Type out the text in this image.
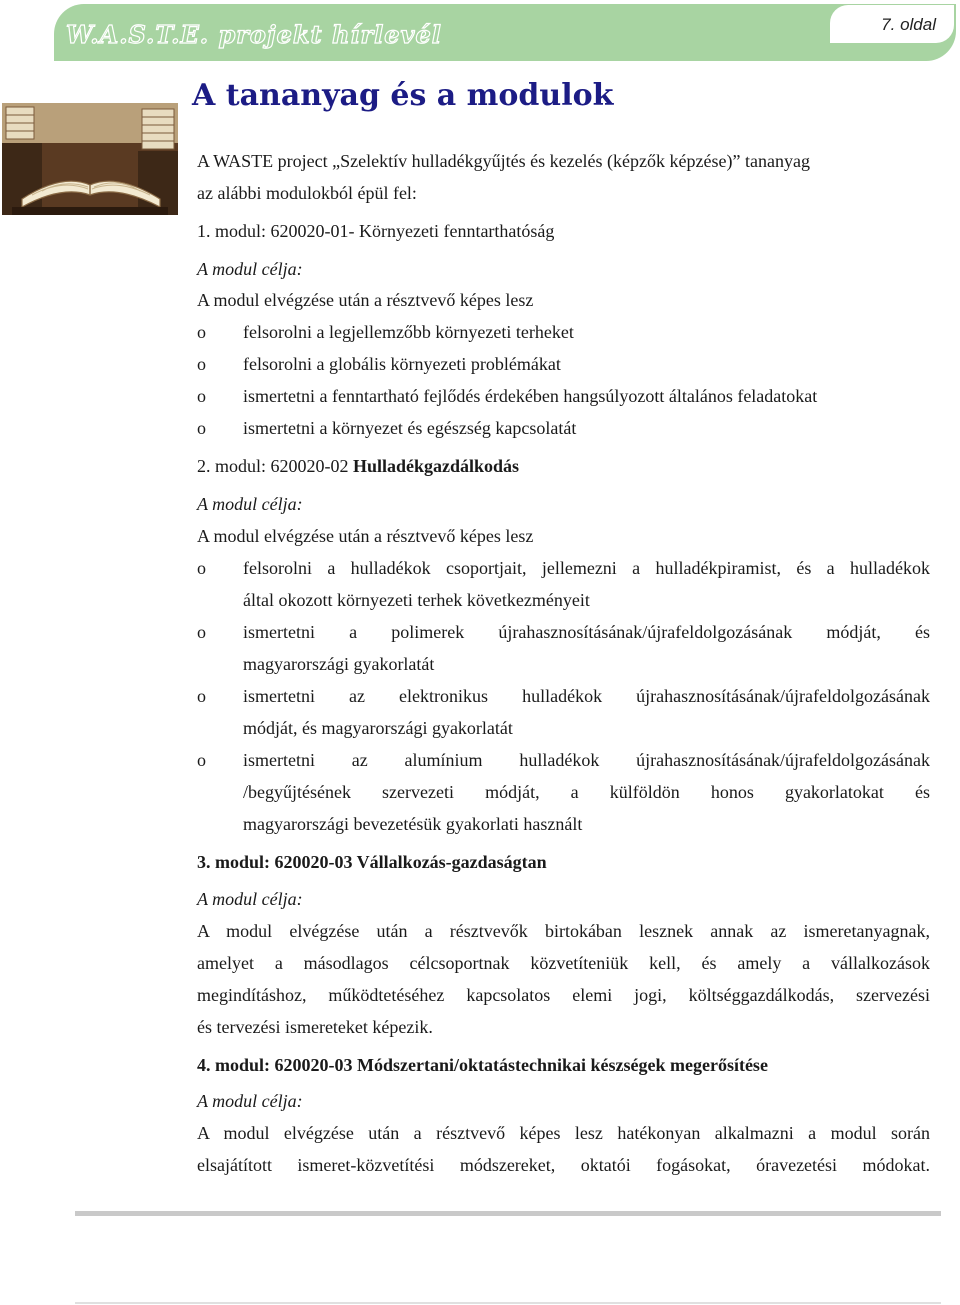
W.A.S.T.E. projekt hírlevél	7. oldal
A tananyag és a modulok
A WASTE project „Szelektív hulladékgyűjtés és kezelés (képzők képzése)” tananyag
az alábbi modulokból épül fel:
1. modul: 620020-01- Környezeti fenntarthatóság
A modul célja:
A modul elvégzése után a résztvevő képes lesz
o felsorolni a legjellemzőbb környezeti terheket
o felsorolni a globális környezeti problémákat
o ismertetni a fenntartható fejlődés érdekében hangsúlyozott általános feladatokat
o ismertetni a környezet és egészség kapcsolatát
2. modul: 620020-02 Hulladékgazdálkodás
A modul célja:
A modul elvégzése után a résztvevő képes lesz
o felsorolni a hulladékok csoportjait, jellemezni a hulladékpiramist, és a hulladékok
által okozott környezeti terhek következményeit
o ismertetni a polimerek újrahasznosításának/újrafeldolgozásának módját, és
magyarországi gyakorlatát
o ismertetni az elektronikus hulladékok újrahasznosításának/újrafeldolgozásának
módját, és magyarországi gyakorlatát
o ismertetni az alumínium hulladékok újrahasznosításának/újrafeldolgozásának
/begyűjtésének szervezeti módját, a külföldön honos gyakorlatokat és
magyarországi bevezetésük gyakorlati használt
3. modul: 620020-03 Vállalkozás-gazdaságtan
A modul célja:
A modul elvégzése után a résztvevők birtokában lesznek annak az ismeretanyagnak,
amelyet a másodlagos célcsoportnak közvetíteniük kell, és amely a vállalkozások
megindításhoz, működtetéséhez kapcsolatos elemi jogi, költséggazdálkodás, szervezési
és tervezési ismereteket képezik.
4. modul: 620020-03 Módszertani/oktatástechnikai készségek megerősítése
A modul célja:
A modul elvégzése után a résztvevő képes lesz hatékonyan alkalmazni a modul során
elsajátított ismeret-közvetítési módszereket, oktatói fogásokat, óravezetési módokat.
